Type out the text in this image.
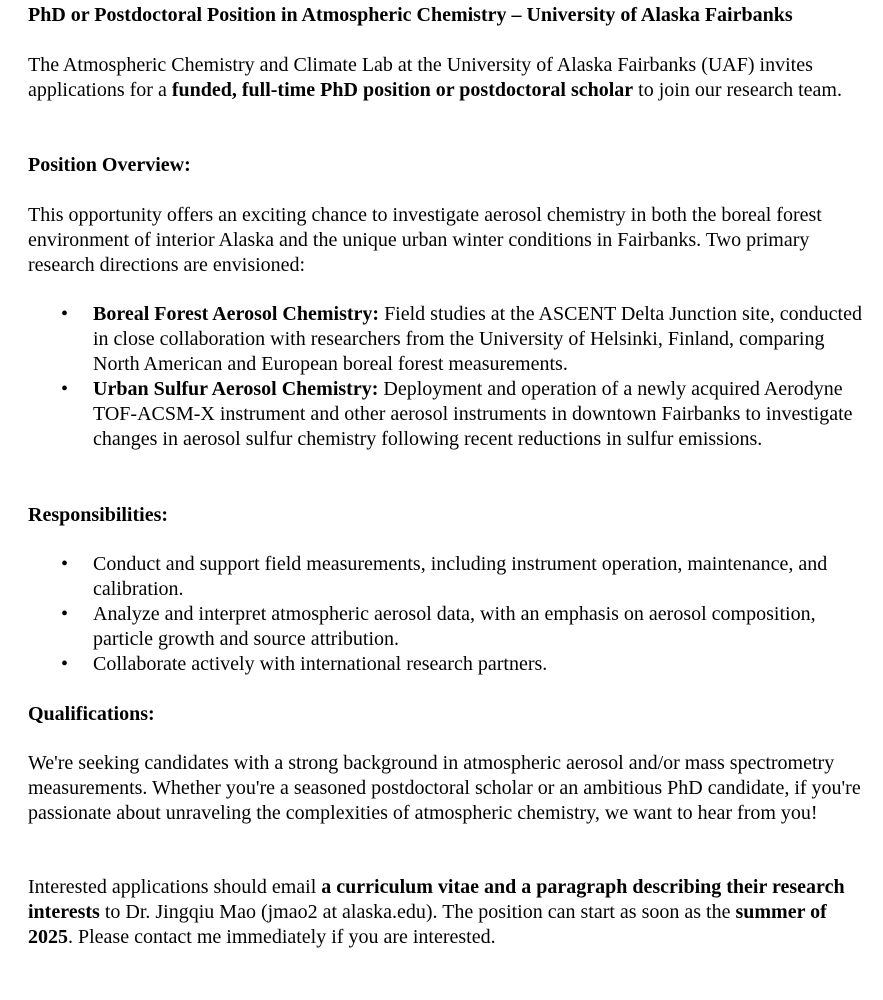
PhD or Postdoctoral Position in Atmospheric Chemistry – University of Alaska Fairbanks

The Atmospheric Chemistry and Climate Lab at the University of Alaska Fairbanks (UAF) invites applications for a funded, full-time PhD position or postdoctoral scholar to join our research team.

Position Overview:

This opportunity offers an exciting chance to investigate aerosol chemistry in both the boreal forest environment of interior Alaska and the unique urban winter conditions in Fairbanks. Two primary research directions are envisioned:

• Boreal Forest Aerosol Chemistry: Field studies at the ASCENT Delta Junction site, conducted in close collaboration with researchers from the University of Helsinki, Finland, comparing North American and European boreal forest measurements.
• Urban Sulfur Aerosol Chemistry: Deployment and operation of a newly acquired Aerodyne TOF-ACSM-X instrument and other aerosol instruments in downtown Fairbanks to investigate changes in aerosol sulfur chemistry following recent reductions in sulfur emissions.

Responsibilities:

• Conduct and support field measurements, including instrument operation, maintenance, and calibration.
• Analyze and interpret atmospheric aerosol data, with an emphasis on aerosol composition, particle growth and source attribution.
• Collaborate actively with international research partners.

Qualifications:

We're seeking candidates with a strong background in atmospheric aerosol and/or mass spectrometry measurements. Whether you're a seasoned postdoctoral scholar or an ambitious PhD candidate, if you're passionate about unraveling the complexities of atmospheric chemistry, we want to hear from you!

Interested applications should email a curriculum vitae and a paragraph describing their research interests to Dr. Jingqiu Mao (jmao2 at alaska.edu). The position can start as soon as the summer of 2025. Please contact me immediately if you are interested.
